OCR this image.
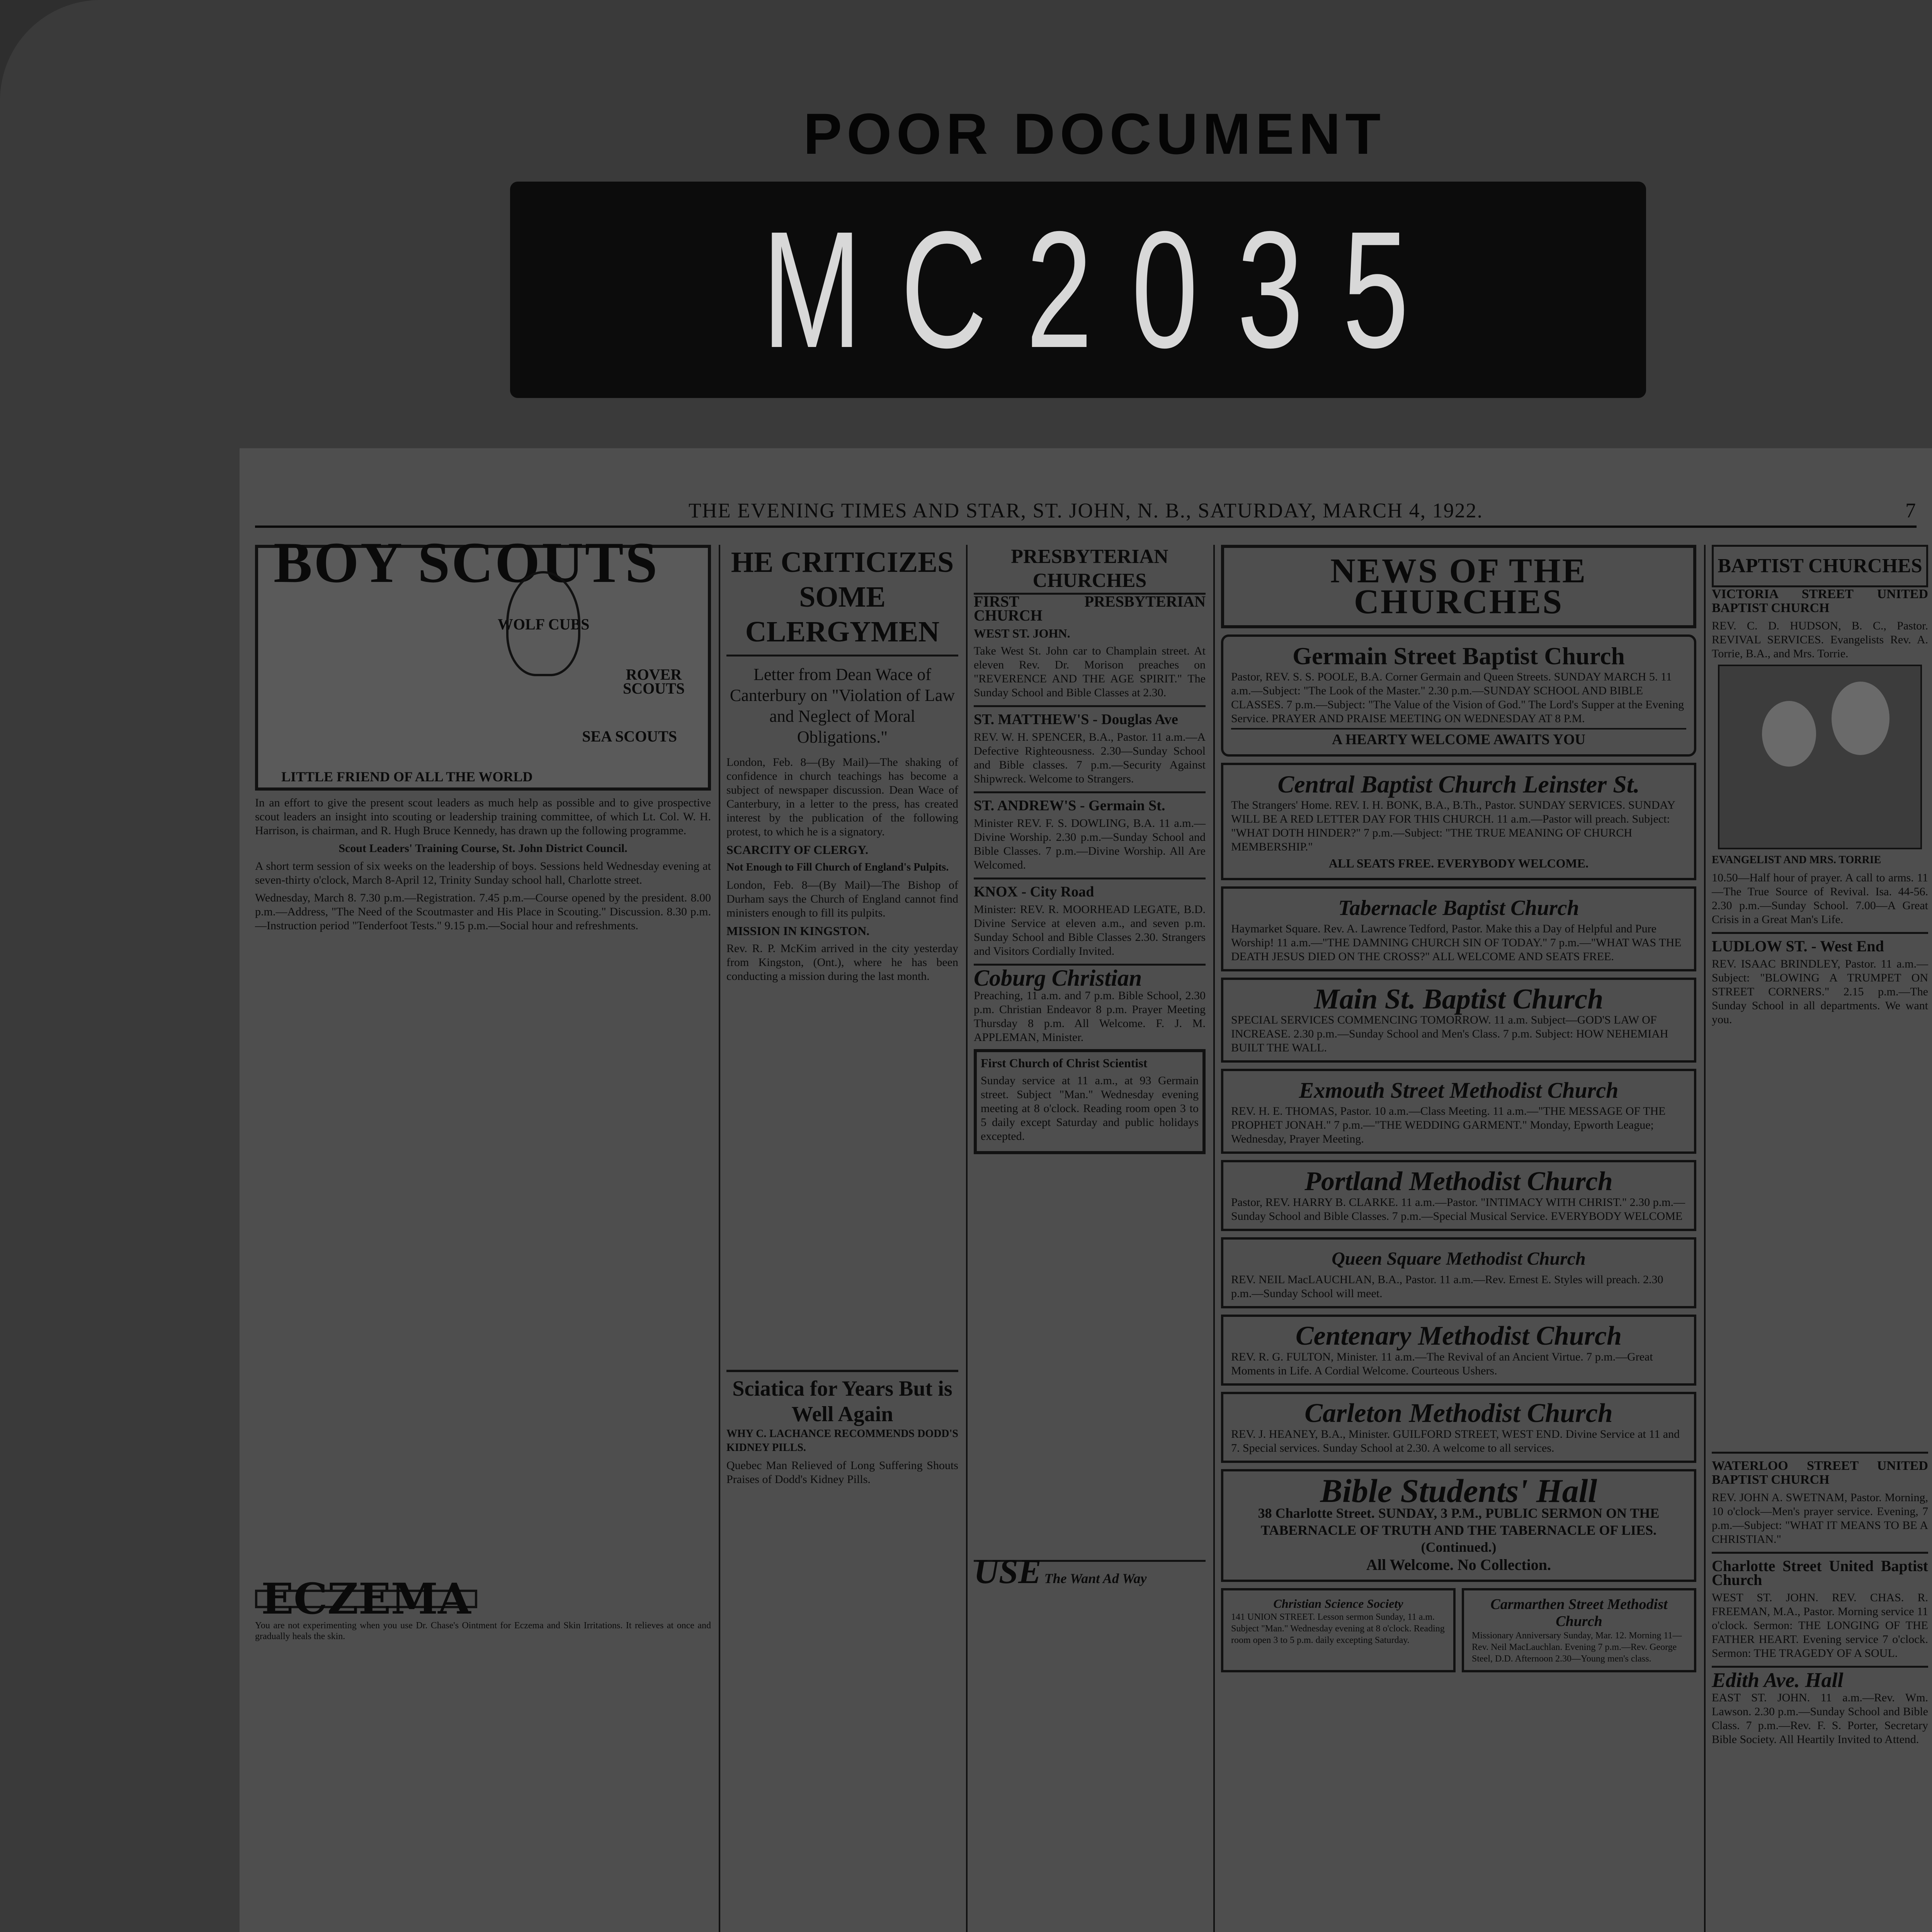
POOR DOCUMENT
MC2035
THE EVENING TIMES AND STAR, ST. JOHN, N. B., SATURDAY, MARCH 4, 1922.	7
BOY SCOUTS
WOLF CUBS
ROVER SCOUTS
SEA SCOUTS
LITTLE FRIEND OF ALL THE WORLD

In an effort to give the present scout leaders as much help as possible and to give prospective scout leaders an insight into scouting or leadership training committee, of which Lt. Col. W. H. Harrison, is chairman, and R. Hugh Bruce Kennedy, has drawn up the following programme.

Scout Leaders' Training Course, St. John District Council.

A short term session of six weeks on the leadership of boys. Sessions held Wednesday evening at seven-thirty o'clock, March 8-April 12, Trinity Sunday school hall, Charlotte street.

Wednesday, March 8. 7.30 p.m.—Registration. 7.45 p.m.—Course opened by the president. 8.00 p.m.—Address, "The Need of the Scoutmaster and His Place in Scouting." Discussion. 8.30 p.m.—Instruction period "Tenderfoot Tests." 9.15 p.m.—Social hour and refreshments.

ECZEMA

You are not experimenting when you use Dr. Chase's Ointment for Eczema and Skin Irritations. It relieves at once and gradually heals the skin.

HE CRITICIZES SOME CLERGYMEN

Letter from Dean Wace of Canterbury on "Violation of Law and Neglect of Moral Obligations."

London, Feb. 8—(By Mail)—The shaking of confidence in church teachings has become a subject of newspaper discussion. Dean Wace of Canterbury, in a letter to the press, has created interest by the publication of the following protest, to which he is a signatory.

SCARCITY OF CLERGY.

Not Enough to Fill Church of England's Pulpits.

London, Feb. 8—(By Mail)—The Bishop of Durham says the Church of England cannot find ministers enough to fill its pulpits.

MISSION IN KINGSTON.

Rev. R. P. McKim arrived in the city yesterday from Kingston, (Ont.), where he has been conducting a mission during the last month.

Sciatica for Years But is Well Again

WHY C. LACHANCE RECOMMENDS DODD'S KIDNEY PILLS.

Quebec Man Relieved of Long Suffering Shouts Praises of Dodd's Kidney Pills.

PRESBYTERIAN CHURCHES

FIRST PRESBYTERIAN CHURCH

WEST ST. JOHN.

Take West St. John car to Champlain street. At eleven Rev. Dr. Morison preaches on "REVERENCE AND THE AGE SPIRIT." The Sunday School and Bible Classes at 2.30.

ST. MATTHEW'S - Douglas Ave

REV. W. H. SPENCER, B.A., Pastor. 11 a.m.—A Defective Righteousness. 2.30—Sunday School and Bible classes. 7 p.m.—Security Against Shipwreck. Welcome to Strangers.

ST. ANDREW'S - Germain St.

Minister REV. F. S. DOWLING, B.A. 11 a.m.—Divine Worship. 2.30 p.m.—Sunday School and Bible Classes. 7 p.m.—Divine Worship. All Are Welcomed.

KNOX - City Road

Minister: REV. R. MOORHEAD LEGATE, B.D. Divine Service at eleven a.m., and seven p.m. Sunday School and Bible Classes 2.30. Strangers and Visitors Cordially Invited.

Coburg Christian

Preaching, 11 a.m. and 7 p.m. Bible School, 2.30 p.m. Christian Endeavor 8 p.m. Prayer Meeting Thursday 8 p.m. All Welcome. F. J. M. APPLEMAN, Minister.

First Church of Christ Scientist

Sunday service at 11 a.m., at 93 Germain street. Subject "Man." Wednesday evening meeting at 8 o'clock. Reading room open 3 to 5 daily except Saturday and public holidays excepted.

USE The Want Ad Way
NEWS OF THE CHURCHES
Germain Street Baptist Church
Pastor, REV. S. S. POOLE, B.A. Corner Germain and Queen Streets. SUNDAY MARCH 5. 11 a.m.—Subject: "The Look of the Master." 2.30 p.m.—SUNDAY SCHOOL AND BIBLE CLASSES. 7 p.m.—Subject: "The Value of the Vision of God." The Lord's Supper at the Evening Service. PRAYER AND PRAISE MEETING ON WEDNESDAY AT 8 P.M.
A HEARTY WELCOME AWAITS YOU
Central Baptist Church Leinster St.
The Strangers' Home. REV. I. H. BONK, B.A., B.Th., Pastor. SUNDAY SERVICES. SUNDAY WILL BE A RED LETTER DAY FOR THIS CHURCH. 11 a.m.—Pastor will preach. Subject: "WHAT DOTH HINDER?" 7 p.m.—Subject: "THE TRUE MEANING OF CHURCH MEMBERSHIP."
ALL SEATS FREE. EVERYBODY WELCOME.
Tabernacle Baptist Church
Haymarket Square. Rev. A. Lawrence Tedford, Pastor. Make this a Day of Helpful and Pure Worship! 11 a.m.—"THE DAMNING CHURCH SIN OF TODAY." 7 p.m.—"WHAT WAS THE DEATH JESUS DIED ON THE CROSS?" ALL WELCOME AND SEATS FREE.
Main St. Baptist Church
SPECIAL SERVICES COMMENCING TOMORROW. 11 a.m. Subject—GOD'S LAW OF INCREASE. 2.30 p.m.—Sunday School and Men's Class. 7 p.m. Subject: HOW NEHEMIAH BUILT THE WALL.
Exmouth Street Methodist Church
REV. H. E. THOMAS, Pastor. 10 a.m.—Class Meeting. 11 a.m.—"THE MESSAGE OF THE PROPHET JONAH." 7 p.m.—"THE WEDDING GARMENT." Monday, Epworth League; Wednesday, Prayer Meeting.
Portland Methodist Church
Pastor, REV. HARRY B. CLARKE. 11 a.m.—Pastor. "INTIMACY WITH CHRIST." 2.30 p.m.—Sunday School and Bible Classes. 7 p.m.—Special Musical Service. EVERYBODY WELCOME
Queen Square Methodist Church
REV. NEIL MacLAUCHLAN, B.A., Pastor. 11 a.m.—Rev. Ernest E. Styles will preach. 2.30 p.m.—Sunday School will meet.
Centenary Methodist Church
REV. R. G. FULTON, Minister. 11 a.m.—The Revival of an Ancient Virtue. 7 p.m.—Great Moments in Life. A Cordial Welcome. Courteous Ushers.
Carleton Methodist Church
REV. J. HEANEY, B.A., Minister. GUILFORD STREET, WEST END. Divine Service at 11 and 7. Special services. Sunday School at 2.30. A welcome to all services.
Bible Students' Hall
38 Charlotte Street. SUNDAY, 3 P.M., PUBLIC SERMON ON THE TABERNACLE OF TRUTH AND THE TABERNACLE OF LIES. (Continued.)
All Welcome. No Collection.
Christian Science Society
141 UNION STREET. Lesson sermon Sunday, 11 a.m. Subject "Man." Wednesday evening at 8 o'clock. Reading room open 3 to 5 p.m. daily excepting Saturday.
Carmarthen Street Methodist Church
Missionary Anniversary Sunday, Mar. 12. Morning 11—Rev. Neil MacLauchlan. Evening 7 p.m.—Rev. George Steel, D.D. Afternoon 2.30—Young men's class.
BAPTIST CHURCHES

VICTORIA STREET UNITED BAPTIST CHURCH

REV. C. D. HUDSON, B. C., Pastor. REVIVAL SERVICES. Evangelists Rev. A. Torrie, B.A., and Mrs. Torrie.

EVANGELIST AND MRS. TORRIE

10.50—Half hour of prayer. A call to arms. 11—The True Source of Revival. Isa. 44-56. 2.30 p.m.—Sunday School. 7.00—A Great Crisis in a Great Man's Life.

LUDLOW ST. - West End

REV. ISAAC BRINDLEY, Pastor. 11 a.m.—Subject: "BLOWING A TRUMPET ON STREET CORNERS." 2.15 p.m.—The Sunday School in all departments. We want you.

WATERLOO STREET UNITED BAPTIST CHURCH

REV. JOHN A. SWETNAM, Pastor. Morning, 10 o'clock—Men's prayer service. Evening, 7 p.m.—Subject: "WHAT IT MEANS TO BE A CHRISTIAN."

Charlotte Street United Baptist Church

WEST ST. JOHN. REV. CHAS. R. FREEMAN, M.A., Pastor. Morning service 11 o'clock. Sermon: THE LONGING OF THE FATHER HEART. Evening service 7 o'clock. Sermon: THE TRAGEDY OF A SOUL.

Edith Ave. Hall

EAST ST. JOHN. 11 a.m.—Rev. Wm. Lawson. 2.30 p.m.—Sunday School and Bible Class. 7 p.m.—Rev. F. S. Porter, Secretary Bible Society. All Heartily Invited to Attend.
